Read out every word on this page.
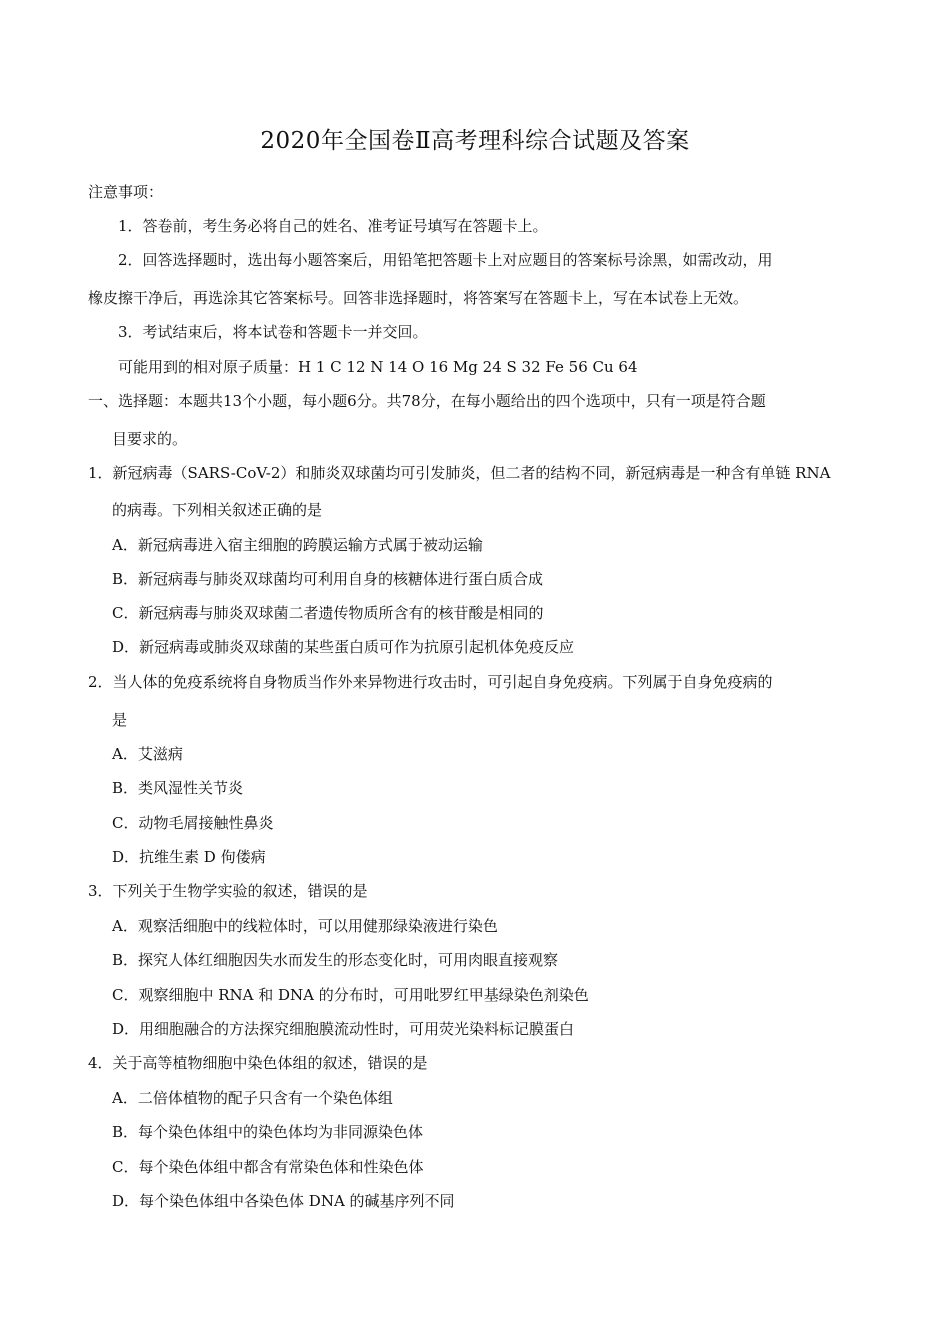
2020年全国卷Ⅱ高考理科综合试题及答案
注意事项：
1．答卷前，考生务必将自己的姓名、准考证号填写在答题卡上。
2．回答选择题时，选出每小题答案后，用铅笔把答题卡上对应题目的答案标号涂黑，如需改动，用
橡皮擦干净后，再选涂其它答案标号。回答非选择题时，将答案写在答题卡上，写在本试卷上无效。
3．考试结束后，将本试卷和答题卡一并交回。
可能用到的相对原子质量：H 1 C 12 N 14 O 16 Mg 24 S 32 Fe 56 Cu 64
一、选择题：本题共13个小题，每小题6分。共78分，在每小题给出的四个选项中，只有一项是符合题
目要求的。
1．新冠病毒（SARS-CoV-2）和肺炎双球菌均可引发肺炎，但二者的结构不同，新冠病毒是一种含有单链 RNA
的病毒。下列相关叙述正确的是
A．新冠病毒进入宿主细胞的跨膜运输方式属于被动运输
B．新冠病毒与肺炎双球菌均可利用自身的核糖体进行蛋白质合成
C．新冠病毒与肺炎双球菌二者遗传物质所含有的核苷酸是相同的
D．新冠病毒或肺炎双球菌的某些蛋白质可作为抗原引起机体免疫反应
2．当人体的免疫系统将自身物质当作外来异物进行攻击时，可引起自身免疫病。下列属于自身免疫病的
是
A．艾滋病
B．类风湿性关节炎
C．动物毛屑接触性鼻炎
D．抗维生素 D 佝偻病
3．下列关于生物学实验的叙述，错误的是
A．观察活细胞中的线粒体时，可以用健那绿染液进行染色
B．探究人体红细胞因失水而发生的形态变化时，可用肉眼直接观察
C．观察细胞中 RNA 和 DNA 的分布时，可用吡罗红甲基绿染色剂染色
D．用细胞融合的方法探究细胞膜流动性时，可用荧光染料标记膜蛋白
4．关于高等植物细胞中染色体组的叙述，错误的是
A．二倍体植物的配子只含有一个染色体组
B．每个染色体组中的染色体均为非同源染色体
C．每个染色体组中都含有常染色体和性染色体
D．每个染色体组中各染色体 DNA 的碱基序列不同
